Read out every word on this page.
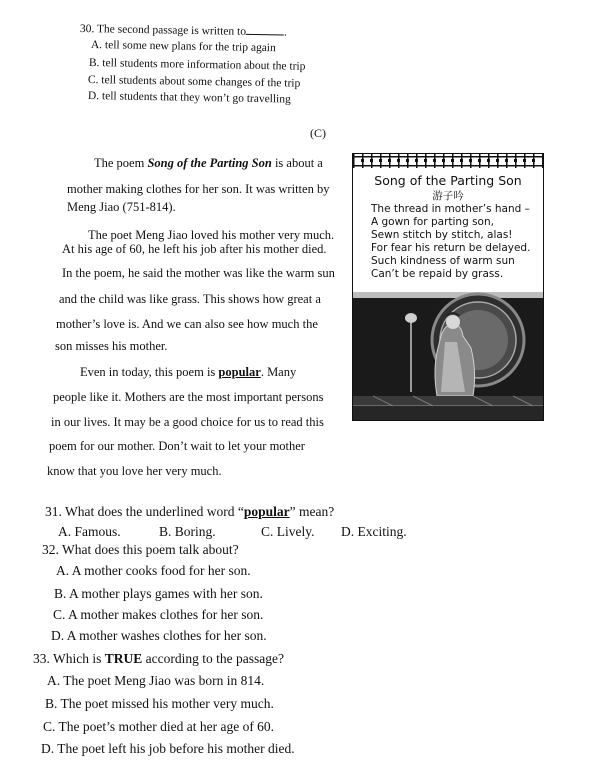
30. The second passage is written to	.
A. tell some new plans for the trip again
B. tell students more information about the trip
C. tell students about some changes of the trip
D. tell students that they won’t go travelling
(C)
The poem Song of the Parting Son is about a
mother making clothes for her son. It was written by
Meng Jiao (751-814).
The poet Meng Jiao loved his mother very much.
At his age of 60, he left his job after his mother died.
In the poem, he said the mother was like the warm sun
and the child was like grass. This shows how great a
mother’s love is. And we can also see how much the
son misses his mother.
Even in today, this poem is popular. Many
people like it. Mothers are the most important persons
in our lives. It may be a good choice for us to read this
poem for our mother. Don’t wait to let your mother
know that you love her very much.
Song of the Parting Son
游子吟
The thread in mother’s hand –
A gown for parting son,
Sewn stitch by stitch, alas!
For fear his return be delayed.
Such kindness of warm sun
Can’t be repaid by grass.
31. What does the underlined word “popular” mean?
A. Famous.	B. Boring.	C. Lively. D. Exciting.
32. What does this poem talk about?
A. A mother cooks food for her son.
B. A mother plays games with her son.
C. A mother makes clothes for her son.
D. A mother washes clothes for her son.
33. Which is TRUE according to the passage?
A. The poet Meng Jiao was born in 814.
B. The poet missed his mother very much.
C. The poet’s mother died at her age of 60.
D. The poet left his job before his mother died.
